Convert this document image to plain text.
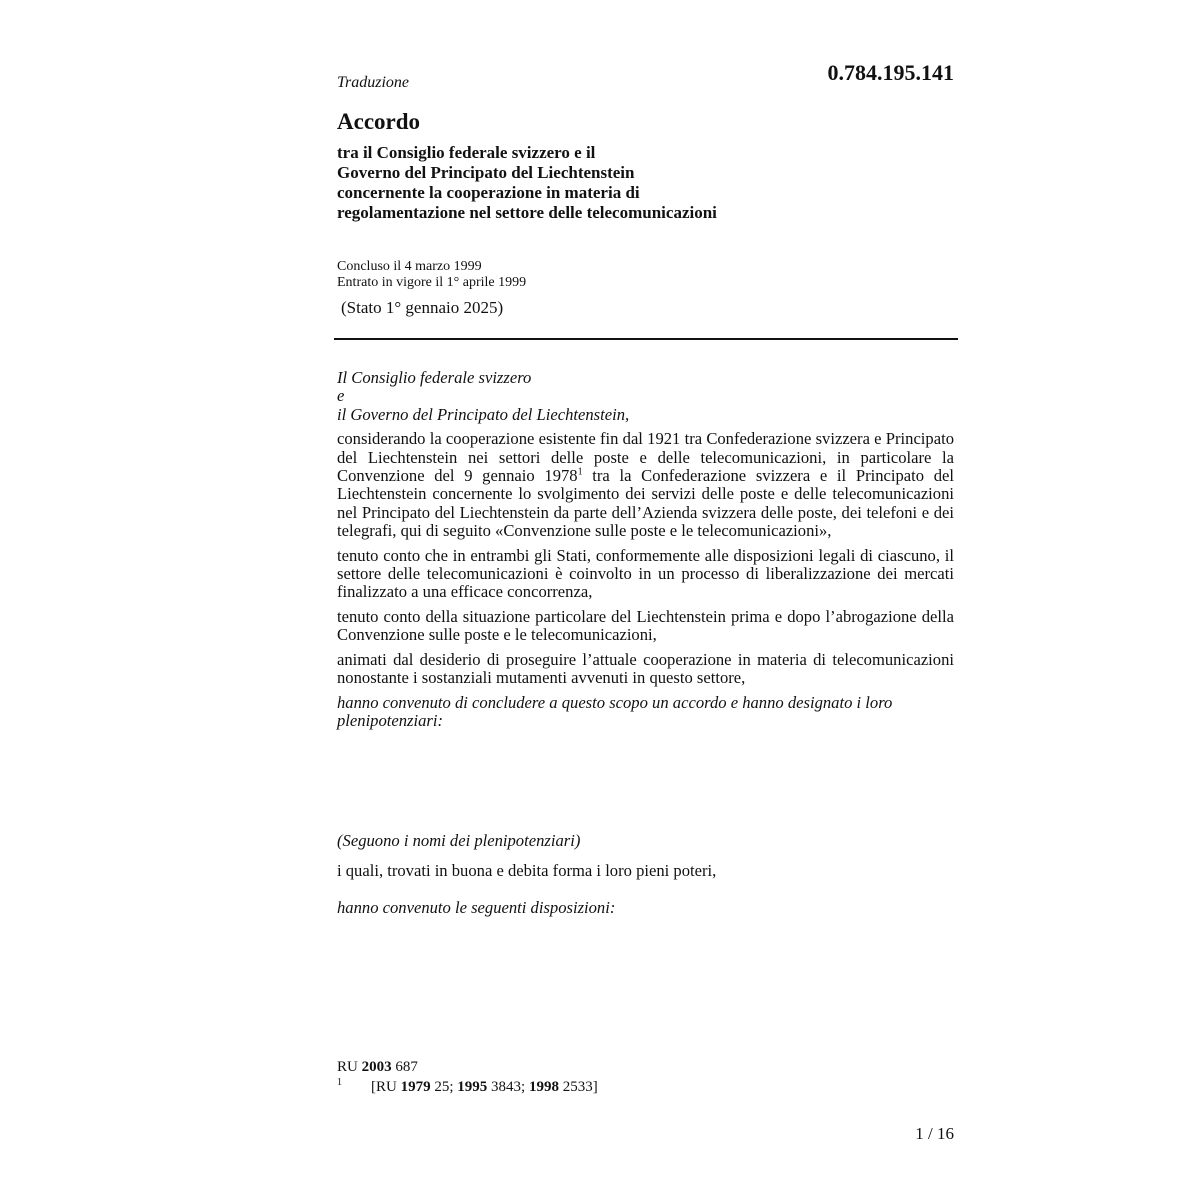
Traduzione	0.784.195.141
Accordo
tra il Consiglio federale svizzero e il
Governo del Principato del Liechtenstein
concernente la cooperazione in materia di
regolamentazione nel settore delle telecomunicazioni
Concluso il 4 marzo 1999
Entrato in vigore il 1° aprile 1999
(Stato 1° gennaio 2025)

Il Consiglio federale svizzero

e

il Governo del Principato del Liechtenstein,

considerando la cooperazione esistente fin dal 1921 tra Confederazione svizzera e Principato del Liechtenstein nei settori delle poste e delle telecomunicazioni, in particolare la Convenzione del 9 gennaio 1978$^1$ tra la Confederazione svizzera e il Principato del Liechtenstein concernente lo svolgimento dei servizi delle poste e delle telecomunicazioni nel Principato del Liechtenstein da parte dell’Azienda svizzera delle poste, dei telefoni e dei telegrafi, qui di seguito «Convenzione sulle poste e le telecomunicazioni»,

tenuto conto che in entrambi gli Stati, conformemente alle disposizioni legali di ciascuno, il settore delle telecomunicazioni è coinvolto in un processo di liberalizzazione dei mercati finalizzato a una efficace concorrenza,

tenuto conto della situazione particolare del Liechtenstein prima e dopo l’abrogazione della Convenzione sulle poste e le telecomunicazioni,

animati dal desiderio di proseguire l’attuale cooperazione in materia di telecomunicazioni nonostante i sostanziali mutamenti avvenuti in questo settore,

hanno convenuto di concludere a questo scopo un accordo e hanno designato i loro plenipotenziari:

(Seguono i nomi dei plenipotenziari)

i quali, trovati in buona e debita forma i loro pieni poteri,

hanno convenuto le seguenti disposizioni:

RU 2003 687
1 [RU 1979 25; 1995 3843; 1998 2533]
1 / 16
